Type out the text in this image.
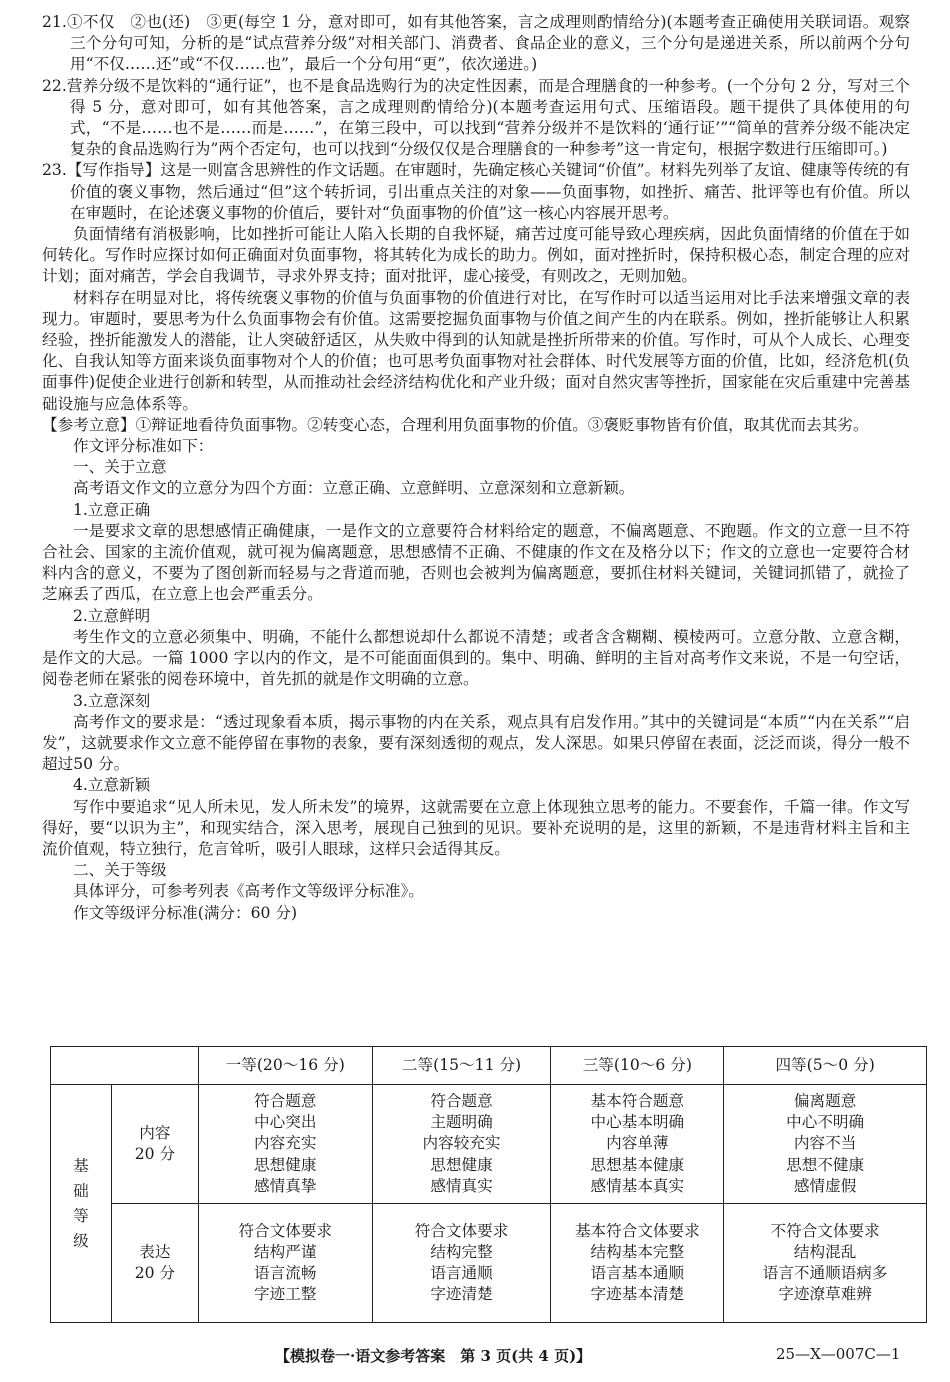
21.①不仅　②也(还)　③更(每空 1 分，意对即可，如有其他答案，言之成理则酌情给分)(本题考查正确使用关联词语。观察三个分句可知，分析的是“试点营养分级”对相关部门、消费者、食品企业的意义，三个分句是递进关系，所以前两个分句用“不仅……还”或“不仅……也”，最后一个分句用“更”，依次递进。)

22.营养分级不是饮料的“通行证”，也不是食品选购行为的决定性因素，而是合理膳食的一种参考。(一个分句 2 分，写对三个得 5 分，意对即可，如有其他答案，言之成理则酌情给分)(本题考查运用句式、压缩语段。题干提供了具体使用的句式，“不是……也不是……而是……”，在第三段中，可以找到“营养分级并不是饮料的‘通行证’”“简单的营养分级不能决定复杂的食品选购行为”两个否定句，也可以找到“分级仅仅是合理膳食的一种参考”这一肯定句，根据字数进行压缩即可。)

23.【写作指导】这是一则富含思辨性的作文话题。在审题时，先确定核心关键词“价值”。材料先列举了友谊、健康等传统的有价值的褒义事物，然后通过“但”这个转折词，引出重点关注的对象——负面事物，如挫折、痛苦、批评等也有价值。所以在审题时，在论述褒义事物的价值后，要针对“负面事物的价值”这一核心内容展开思考。

负面情绪有消极影响，比如挫折可能让人陷入长期的自我怀疑，痛苦过度可能导致心理疾病，因此负面情绪的价值在于如何转化。写作时应探讨如何正确面对负面事物，将其转化为成长的助力。例如，面对挫折时，保持积极心态，制定合理的应对计划；面对痛苦，学会自我调节，寻求外界支持；面对批评，虚心接受，有则改之，无则加勉。

材料存在明显对比，将传统褒义事物的价值与负面事物的价值进行对比，在写作时可以适当运用对比手法来增强文章的表现力。审题时，要思考为什么负面事物会有价值。这需要挖掘负面事物与价值之间产生的内在联系。例如，挫折能够让人积累经验，挫折能激发人的潜能，让人突破舒适区，从失败中得到的认知就是挫折所带来的价值。写作时，可从个人成长、心理变化、自我认知等方面来谈负面事物对个人的价值；也可思考负面事物对社会群体、时代发展等方面的价值，比如，经济危机(负面事件)促使企业进行创新和转型，从而推动社会经济结构优化和产业升级；面对自然灾害等挫折，国家能在灾后重建中完善基础设施与应急体系等。

【参考立意】①辩证地看待负面事物。②转变心态，合理利用负面事物的价值。③褒贬事物皆有价值，取其优而去其劣。

作文评分标准如下：

一、关于立意

高考语文作文的立意分为四个方面：立意正确、立意鲜明、立意深刻和立意新颖。

1.立意正确

一是要求文章的思想感情正确健康，一是作文的立意要符合材料给定的题意，不偏离题意、不跑题。作文的立意一旦不符合社会、国家的主流价值观，就可视为偏离题意，思想感情不正确、不健康的作文在及格分以下；作文的立意也一定要符合材料内含的意义，不要为了图创新而轻易与之背道而驰，否则也会被判为偏离题意，要抓住材料关键词，关键词抓错了，就捡了芝麻丢了西瓜，在立意上也会严重丢分。

2.立意鲜明

考生作文的立意必须集中、明确，不能什么都想说却什么都说不清楚；或者含含糊糊、模棱两可。立意分散、立意含糊，是作文的大忌。一篇 1000 字以内的作文，是不可能面面俱到的。集中、明确、鲜明的主旨对高考作文来说，不是一句空话，阅卷老师在紧张的阅卷环境中，首先抓的就是作文明确的立意。

3.立意深刻

高考作文的要求是：“透过现象看本质，揭示事物的内在关系，观点具有启发作用。”其中的关键词是“本质”“内在关系”“启发”，这就要求作文立意不能停留在事物的表象，要有深刻透彻的观点，发人深思。如果只停留在表面，泛泛而谈，得分一般不超过50 分。

4.立意新颖

写作中要追求“见人所未见，发人所未发”的境界，这就需要在立意上体现独立思考的能力。不要套作，千篇一律。作文写得好，要“以识为主”，和现实结合，深入思考，展现自己独到的见识。要补充说明的是，这里的新颖，不是违背材料主旨和主流价值观，特立独行，危言耸听，吸引人眼球，这样只会适得其反。

二、关于等级

具体评分，可参考列表《高考作文等级评分标准》。

作文等级评分标准(满分：60 分)

		一等(20～16 分)	二等(15～11 分)	三等(10～6 分)	四等(5～0 分)

基
础
等
级	内容
20 分	符合题意
中心突出
内容充实
思想健康
感情真挚	符合题意
主题明确
内容较充实
思想健康
感情真实	基本符合题意
中心基本明确
内容单薄
思想基本健康
感情基本真实	偏离题意
中心不明确
内容不当
思想不健康
感情虚假

	表达
20 分	符合文体要求
结构严谨
语言流畅
字迹工整	符合文体要求
结构完整
语言通顺
字迹清楚	基本符合文体要求
结构基本完整
语言基本通顺
字迹基本清楚	不符合文体要求
结构混乱
语言不通顺语病多
字迹潦草难辨
【模拟卷一·语文参考答案　第 3 页(共 4 页)】	25—X—007C—1
